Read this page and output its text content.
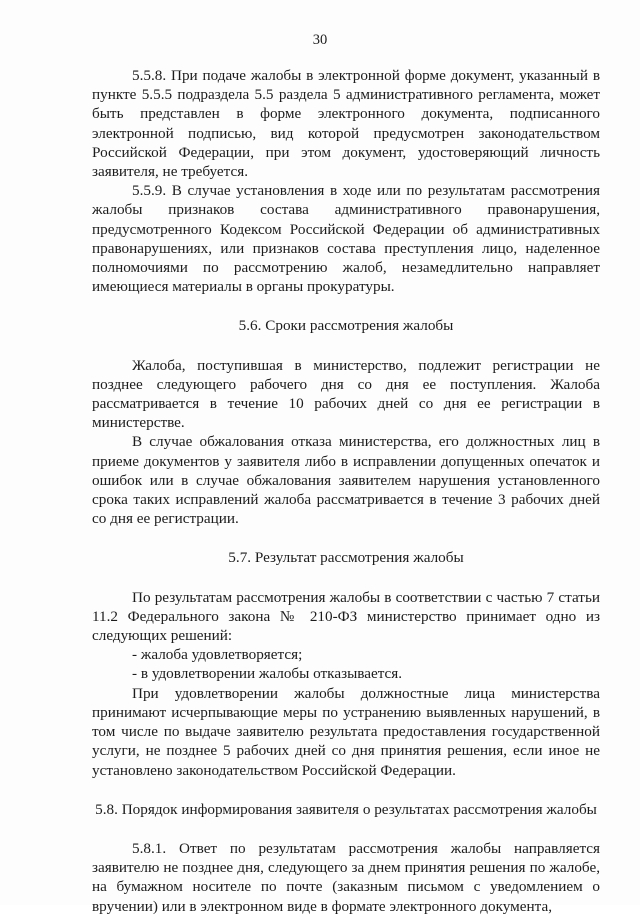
30

5.5.8. При подаче жалобы в электронной форме документ, указанный в пункте 5.5.5 подраздела 5.5 раздела 5 административного регламента, может быть представлен в форме электронного документа, подписанного электронной подписью, вид которой предусмотрен законодательством Российской Федерации, при этом документ, удостоверяющий личность заявителя, не требуется.

5.5.9. В случае установления в ходе или по результатам рассмотрения жалобы признаков состава административного правонарушения, предусмотренного Кодексом Российской Федерации об административных правонарушениях, или признаков состава преступления лицо, наделенное полномочиями по рассмотрению жалоб, незамедлительно направляет имеющиеся материалы в органы прокуратуры.

5.6. Сроки рассмотрения жалобы

Жалоба, поступившая в министерство, подлежит регистрации не позднее следующего рабочего дня со дня ее поступления. Жалоба рассматривается в течение 10 рабочих дней со дня ее регистрации в министерстве.

В случае обжалования отказа министерства, его должностных лиц в приеме документов у заявителя либо в исправлении допущенных опечаток и ошибок или в случае обжалования заявителем нарушения установленного срока таких исправлений жалоба рассматривается в течение 3 рабочих дней со дня ее регистрации.

5.7. Результат рассмотрения жалобы

По результатам рассмотрения жалобы в соответствии с частью 7 статьи 11.2 Федерального закона № 210-ФЗ министерство принимает одно из следующих решений:

- жалоба удовлетворяется;

- в удовлетворении жалобы отказывается.

При удовлетворении жалобы должностные лица министерства принимают исчерпывающие меры по устранению выявленных нарушений, в том числе по выдаче заявителю результата предоставления государственной услуги, не позднее 5 рабочих дней со дня принятия решения, если иное не установлено законодательством Российской Федерации.

5.8. Порядок информирования заявителя о результатах рассмотрения жалобы

5.8.1. Ответ по результатам рассмотрения жалобы направляется заявителю не позднее дня, следующего за днем принятия решения по жалобе, на бумажном носителе по почте (заказным письмом с уведомлением о вручении) или в электронном виде в формате электронного документа,
